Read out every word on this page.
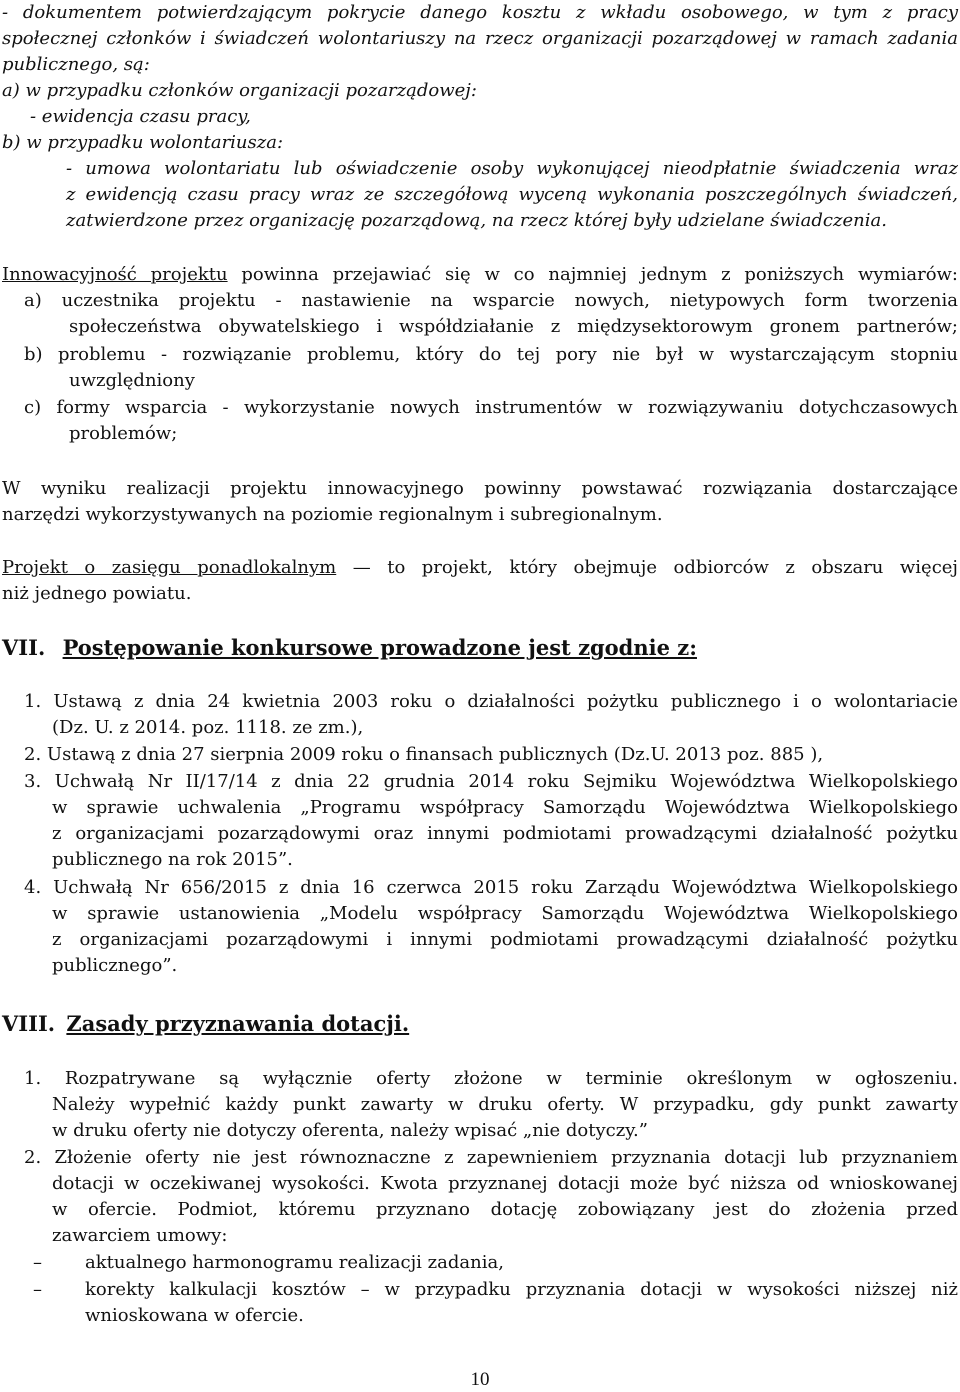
- dokumentem potwierdzającym pokrycie danego kosztu z wkładu osobowego, w tym z pracy
społecznej członków i świadczeń wolontariuszy na rzecz organizacji pozarządowej w ramach zadania
publicznego, są:
a) w przypadku członków organizacji pozarządowej:
- ewidencja czasu pracy,
b) w przypadku wolontariusza:
- umowa wolontariatu lub oświadczenie osoby wykonującej nieodpłatnie świadczenia wraz
z ewidencją czasu pracy wraz ze szczegółową wyceną wykonania poszczególnych świadczeń,
zatwierdzone przez organizację pozarządową, na rzecz której były udzielane świadczenia.
Innowacyjność projektu powinna przejawiać się w co najmniej jednym z poniższych wymiarów:
a) uczestnika projektu - nastawienie na wsparcie nowych, nietypowych form tworzenia
społeczeństwa obywatelskiego i współdziałanie z międzysektorowym gronem partnerów;
b) problemu - rozwiązanie problemu, który do tej pory nie był w wystarczającym stopniu
uwzględniony
c) formy wsparcia - wykorzystanie nowych instrumentów w rozwiązywaniu dotychczasowych
problemów;
W wyniku realizacji projektu innowacyjnego powinny powstawać rozwiązania dostarczające
narzędzi wykorzystywanych na poziomie regionalnym i subregionalnym.
Projekt o zasięgu ponadlokalnym — to projekt, który obejmuje odbiorców z obszaru więcej
niż jednego powiatu.
VII. Postępowanie konkursowe prowadzone jest zgodnie z:
1. Ustawą z dnia 24 kwietnia 2003 roku o działalności pożytku publicznego i o wolontariacie
(Dz. U. z 2014. poz. 1118. ze zm.),
2. Ustawą z dnia 27 sierpnia 2009 roku o finansach publicznych (Dz.U. 2013 poz. 885 ),
3. Uchwałą Nr II/17/14 z dnia 22 grudnia 2014 roku Sejmiku Województwa Wielkopolskiego
w sprawie uchwalenia „Programu współpracy Samorządu Województwa Wielkopolskiego
z organizacjami pozarządowymi oraz innymi podmiotami prowadzącymi działalność pożytku
publicznego na rok 2015”.
4. Uchwałą Nr 656/2015 z dnia 16 czerwca 2015 roku Zarządu Województwa Wielkopolskiego
w sprawie ustanowienia „Modelu współpracy Samorządu Województwa Wielkopolskiego
z organizacjami pozarządowymi i innymi podmiotami prowadzącymi działalność pożytku
publicznego”.
VIII. Zasady przyznawania dotacji.
1. Rozpatrywane są wyłącznie oferty złożone w terminie określonym w ogłoszeniu.
Należy wypełnić każdy punkt zawarty w druku oferty. W przypadku, gdy punkt zawarty
w druku oferty nie dotyczy oferenta, należy wpisać „nie dotyczy.”
2. Złożenie oferty nie jest równoznaczne z zapewnieniem przyznania dotacji lub przyznaniem
dotacji w oczekiwanej wysokości. Kwota przyznanej dotacji może być niższa od wnioskowanej
w ofercie. Podmiot, któremu przyznano dotację zobowiązany jest do złożenia przed
zawarciem umowy:
– aktualnego harmonogramu realizacji zadania,
– korekty kalkulacji kosztów – w przypadku przyznania dotacji w wysokości niższej niż
wnioskowana w ofercie.
10
